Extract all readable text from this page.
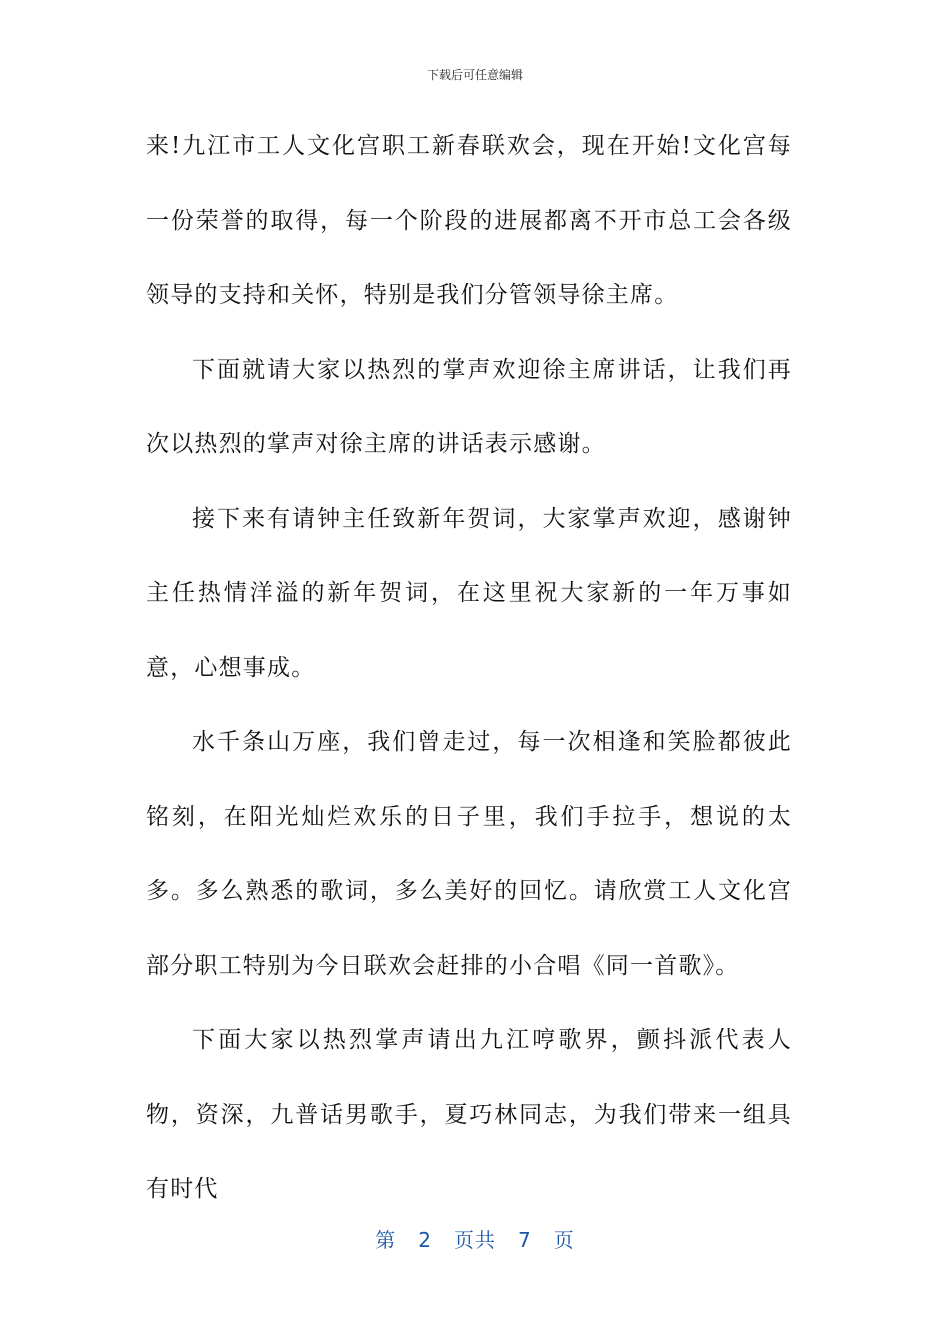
下载后可任意编辑

来!九江市工人文化宫职工新春联欢会，现在开始!文化宫每一份荣誉的取得，每一个阶段的进展都离不开市总工会各级领导的支持和关怀，特别是我们分管领导徐主席。

下面就请大家以热烈的掌声欢迎徐主席讲话，让我们再次以热烈的掌声对徐主席的讲话表示感谢。

接下来有请钟主任致新年贺词，大家掌声欢迎，感谢钟主任热情洋溢的新年贺词，在这里祝大家新的一年万事如意，心想事成。

水千条山万座，我们曾走过，每一次相逢和笑脸都彼此铭刻，在阳光灿烂欢乐的日子里，我们手拉手，想说的太多。多么熟悉的歌词，多么美好的回忆。请欣赏工人文化宫部分职工特别为今日联欢会赶排的小合唱《同一首歌》。

下面大家以热烈掌声请出九江哼歌界，颤抖派代表人物，资深，九普话男歌手，夏巧林同志，为我们带来一组具有时代

第 2 页共 7 页
